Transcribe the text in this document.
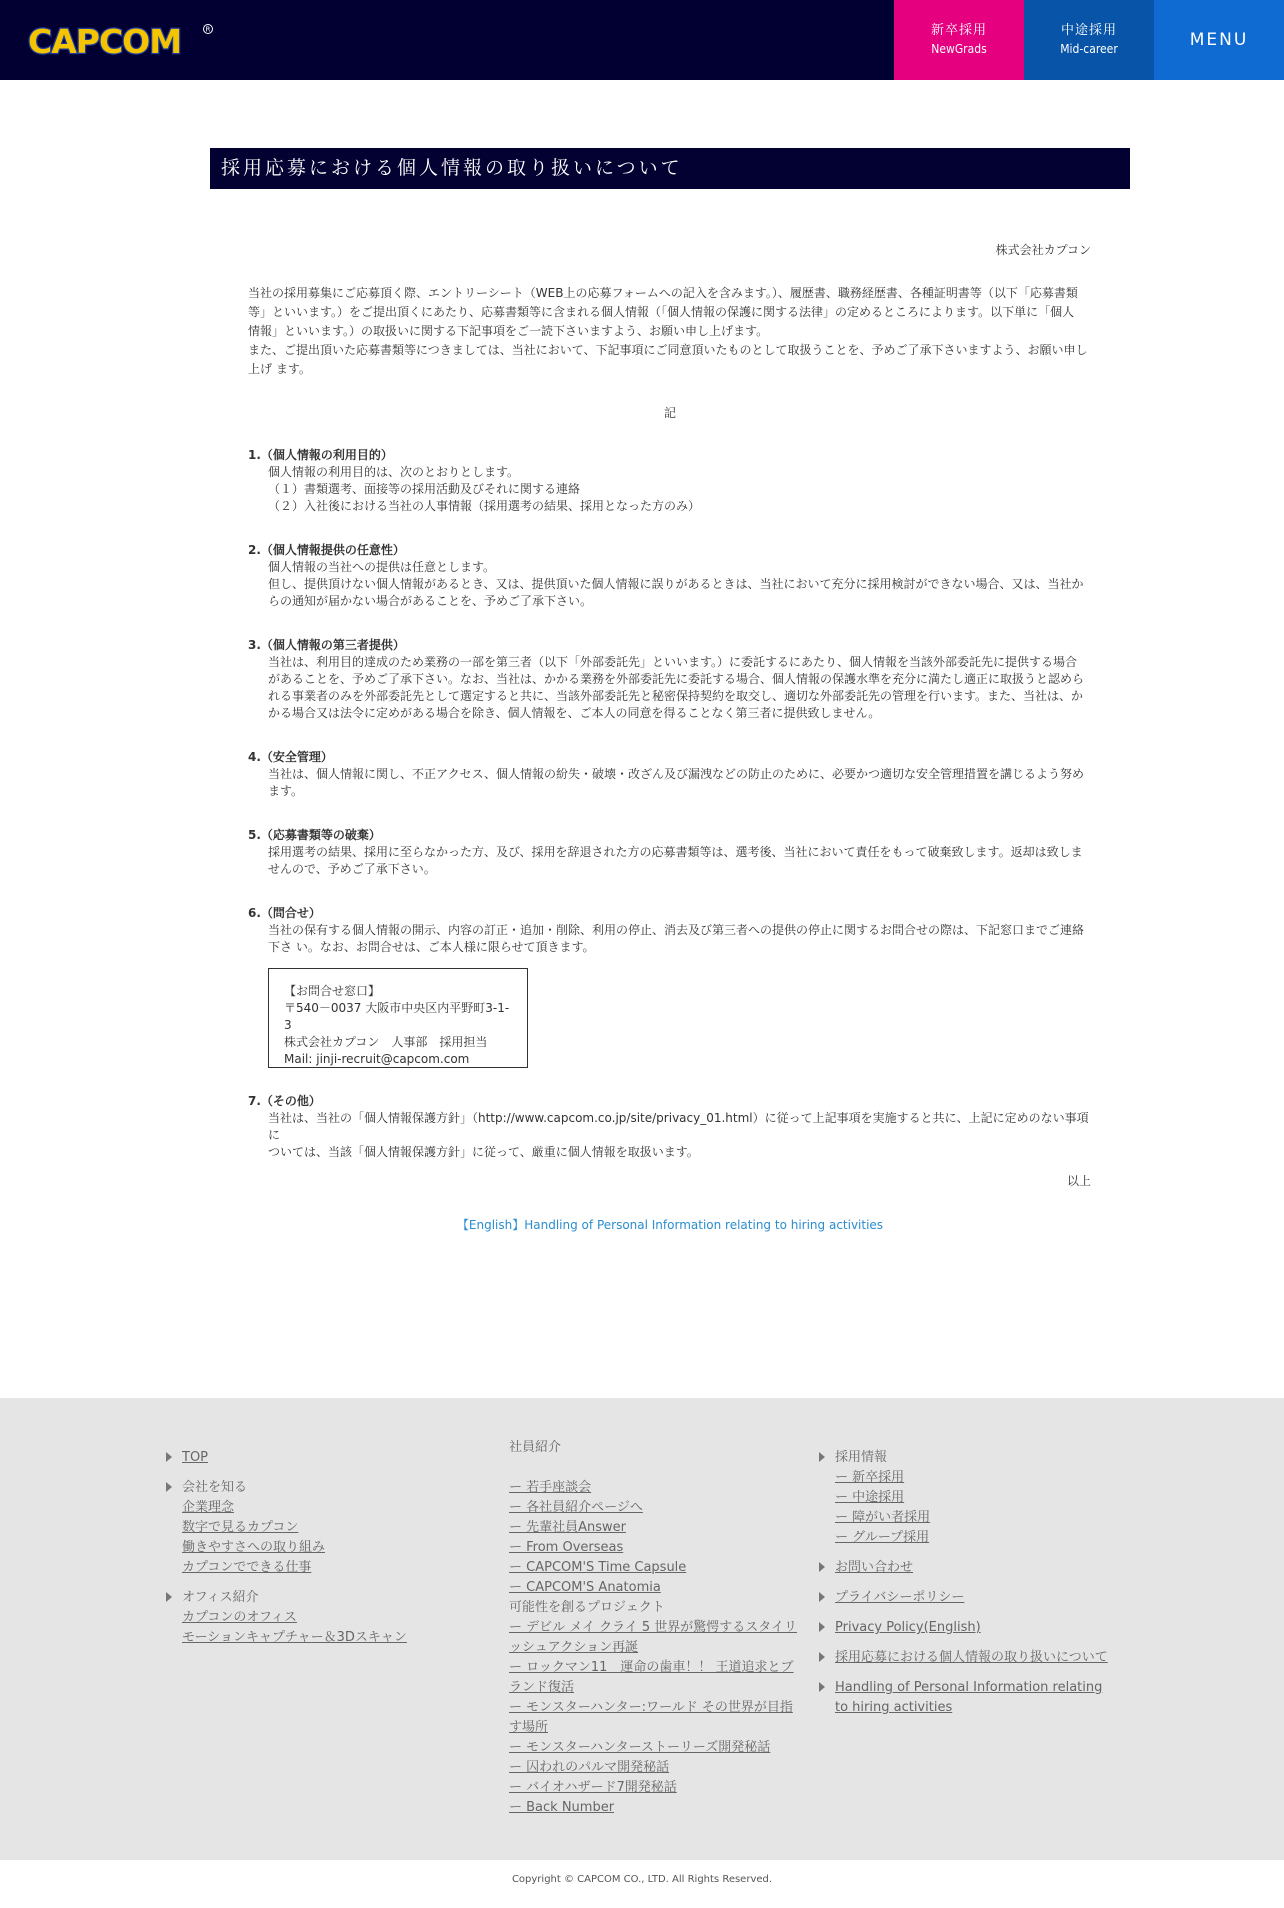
CAPCOM	R	新卒採用
NewGrads
中途採用
Mid-career	MENU
採用応募における個人情報の取り扱いについて
株式会社カプコン

当社の採用募集にご応募頂く際、エントリーシート（WEB上の応募フォームへの記入を含みます。）、履歴書、職務経歴書、各種証明書等（以下「応募書類

等」といいます。）をご提出頂くにあたり、応募書類等に含まれる個人情報（「個人情報の保護に関する法律」の定めるところによります。以下単に「個人

情報」といいます。）の取扱いに関する下記事項をご一読下さいますよう、お願い申し上げます。

また、ご提出頂いた応募書類等につきましては、当社において、下記事項にご同意頂いたものとして取扱うことを、予めご了承下さいますよう、お願い申し

上げ ます。

記
1.（個人情報の利用目的）

個人情報の利用目的は、次のとおりとします。

（１）書類選考、面接等の採用活動及びそれに関する連絡

（２）入社後における当社の人事情報（採用選考の結果、採用となった方のみ）

2.（個人情報提供の任意性）

個人情報の当社への提供は任意とします。

但し、提供頂けない個人情報があるとき、又は、提供頂いた個人情報に誤りがあるときは、当社において充分に採用検討ができない場合、又は、当社か

らの通知が届かない場合があることを、予めご了承下さい。

3.（個人情報の第三者提供）

当社は、利用目的達成のため業務の一部を第三者（以下「外部委託先」といいます。）に委託するにあたり、個人情報を当該外部委託先に提供する場合

があることを、予めご了承下さい。なお、当社は、かかる業務を外部委託先に委託する場合、個人情報の保護水準を充分に満たし適正に取扱うと認めら

れる事業者のみを外部委託先として選定すると共に、当該外部委託先と秘密保持契約を取交し、適切な外部委託先の管理を行います。また、当社は、か

かる場合又は法令に定めがある場合を除き、個人情報を、ご本人の同意を得ることなく第三者に提供致しません。

4.（安全管理）

当社は、個人情報に関し、不正アクセス、個人情報の紛失・破壊・改ざん及び漏洩などの防止のために、必要かつ適切な安全管理措置を講じるよう努め

ます。

5.（応募書類等の破棄）

採用選考の結果、採用に至らなかった方、及び、採用を辞退された方の応募書類等は、選考後、当社において責任をもって破棄致します。返却は致しま

せんので、予めご了承下さい。

6.（問合せ）

当社の保有する個人情報の開示、内容の訂正・追加・削除、利用の停止、消去及び第三者への提供の停止に関するお問合せの際は、下記窓口までご連絡

下さ い。なお、お問合せは、ご本人様に限らせて頂きます。

【お問合せ窓口】

〒540－0037 大阪市中央区内平野町3-1-3

株式会社カプコン　人事部　採用担当

Mail: jinji-recruit@capcom.com

7.（その他）

当社は、当社の「個人情報保護方針」（http://www.capcom.co.jp/site/privacy_01.html）に従って上記事項を実施すると共に、上記に定めのない事項に

ついては、当該「個人情報保護方針」に従って、厳重に個人情報を取扱います。

以上
【English】Handling of Personal Information relating to hiring activities
TOP
会社を知る
企業理念
数字で見るカプコン
働きやすさへの取り組み
カプコンでできる仕事
オフィス紹介
カプコンのオフィス
モーションキャプチャー＆3Dスキャン
社員紹介
ー 若手座談会
ー 各社員紹介ページへ
ー 先輩社員Answer
ー From Overseas
ー CAPCOM'S Time Capsule
ー CAPCOM'S Anatomia
可能性を創るプロジェクト
ー デビル メイ クライ 5 世界が驚愕するスタイリッシュアクション再誕
ー ロックマン11　運命の歯車！！ 王道追求とブランド復活
ー モンスターハンター:ワールド その世界が目指す場所
ー モンスターハンターストーリーズ開発秘話
ー 囚われのパルマ開発秘話
ー バイオハザード7開発秘話
ー Back Number
採用情報
ー 新卒採用
ー 中途採用
ー 障がい者採用
ー グループ採用
お問い合わせ
プライバシーポリシー
Privacy Policy(English)
採用応募における個人情報の取り扱いについて
Handling of Personal Information relating to hiring activities
Copyright © CAPCOM CO., LTD. All Rights Reserved.
